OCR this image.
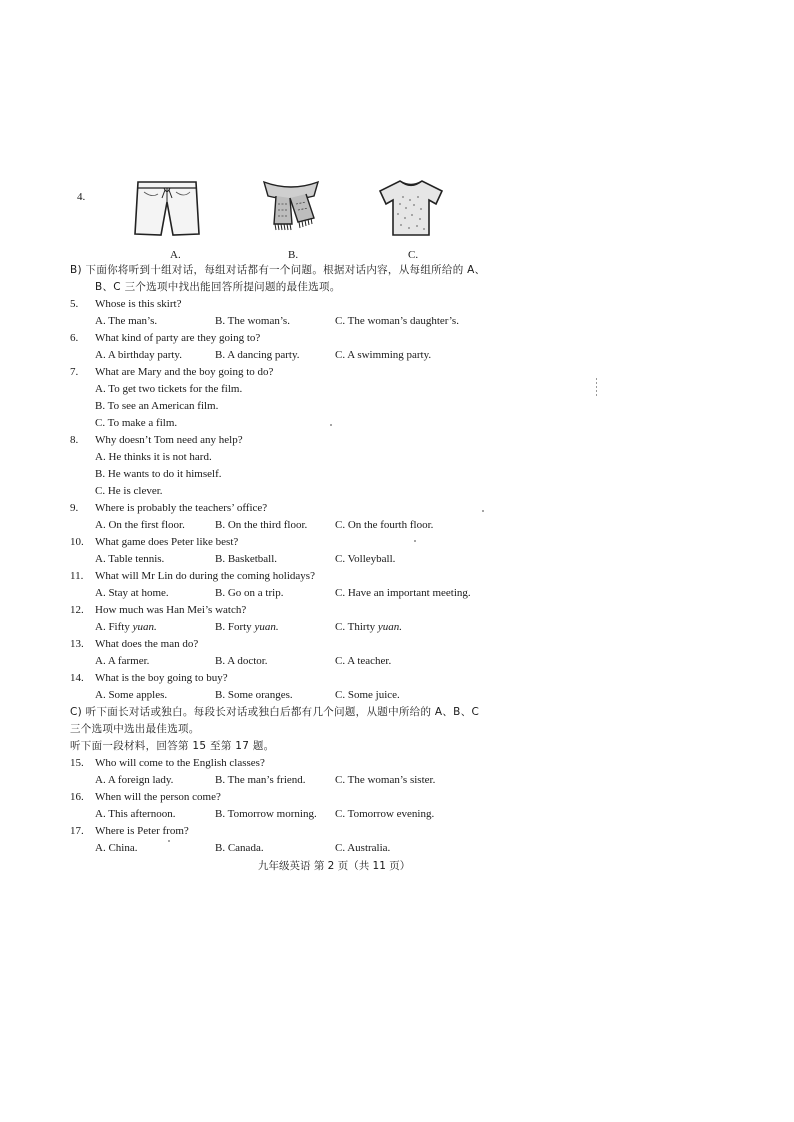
4.
A.	B.	C.
B) 下面你将听到十组对话，每组对话都有一个问题。根据对话内容，从每组所给的 A、
B、C 三个选项中找出能回答所提问题的最佳选项。
5. Whose is this skirt?
A. The man’s.	B. The woman’s.	C. The woman’s daughter’s.
6. What kind of party are they going to?
A. A birthday party.	B. A dancing party.	C. A swimming party.
7. What are Mary and the boy going to do?
A. To get two tickets for the film.
B. To see an American film.
C. To make a film.
8. Why doesn’t Tom need any help?
A. He thinks it is not hard.
B. He wants to do it himself.
C. He is clever.
9. Where is probably the teachers’ office?
A. On the first floor.	B. On the third floor.	C. On the fourth floor.
10. What game does Peter like best?
A. Table tennis.	B. Basketball.	C. Volleyball.
11. What will Mr Lin do during the coming holidays?
A. Stay at home.	B. Go on a trip.	C. Have an important meeting.
12. How much was Han Mei’s watch?
A. Fifty yuan.	B. Forty yuan.	C. Thirty yuan.
13. What does the man do?
A. A farmer.	B. A doctor.	C. A teacher.
14. What is the boy going to buy?
A. Some apples.	B. Some oranges.	C. Some juice.
C) 听下面长对话或独白。每段长对话或独白后都有几个问题，从题中所给的 A、B、C
三个选项中选出最佳选项。
听下面一段材料，回答第 15 至第 17 题。
15. Who will come to the English classes?
A. A foreign lady.	B. The man’s friend.	C. The woman’s sister.
16. When will the person come?
A. This afternoon.	B. Tomorrow morning. C. Tomorrow evening.
17. Where is Peter from?
A. China.	B. Canada.	C. Australia.
九年级英语 第 2 页（共 11 页）
